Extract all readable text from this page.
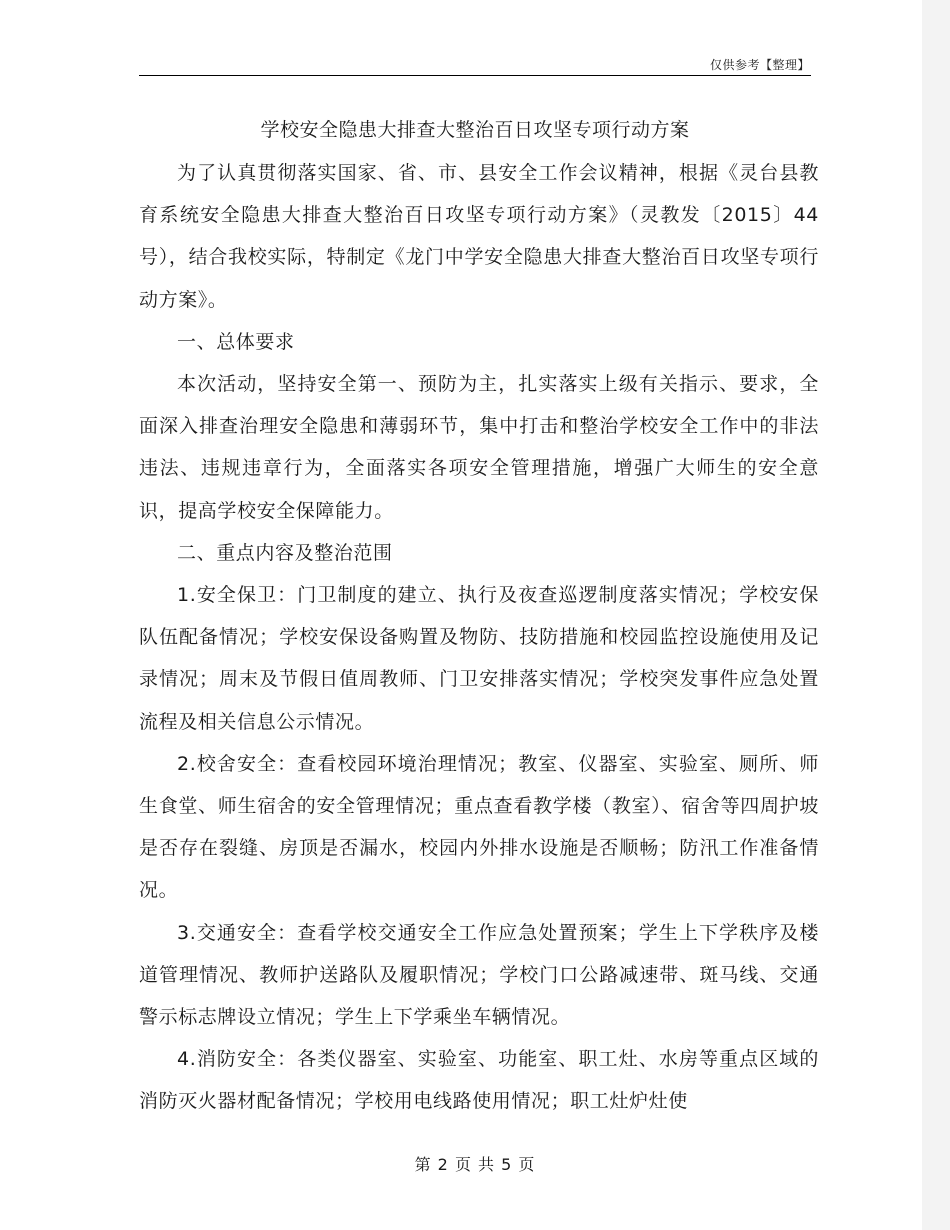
仅供参考【整理】
学校安全隐患大排查大整治百日攻坚专项行动方案

为了认真贯彻落实国家、省、市、县安全工作会议精神，根据《灵台县教育系统安全隐患大排查大整治百日攻坚专项行动方案》（灵教发〔2015〕44号），结合我校实际，特制定《龙门中学安全隐患大排查大整治百日攻坚专项行动方案》。

一、总体要求

本次活动，坚持安全第一、预防为主，扎实落实上级有关指示、要求，全面深入排查治理安全隐患和薄弱环节，集中打击和整治学校安全工作中的非法违法、违规违章行为，全面落实各项安全管理措施，增强广大师生的安全意识，提高学校安全保障能力。

二、重点内容及整治范围

1.安全保卫：门卫制度的建立、执行及夜查巡逻制度落实情况；学校安保队伍配备情况；学校安保设备购置及物防、技防措施和校园监控设施使用及记录情况；周末及节假日值周教师、门卫安排落实情况；学校突发事件应急处置流程及相关信息公示情况。

2.校舍安全：查看校园环境治理情况；教室、仪器室、实验室、厕所、师生食堂、师生宿舍的安全管理情况；重点查看教学楼（教室）、宿舍等四周护坡是否存在裂缝、房顶是否漏水，校园内外排水设施是否顺畅；防汛工作准备情况。

3.交通安全：查看学校交通安全工作应急处置预案；学生上下学秩序及楼道管理情况、教师护送路队及履职情况；学校门口公路减速带、斑马线、交通警示标志牌设立情况；学生上下学乘坐车辆情况。

4.消防安全：各类仪器室、实验室、功能室、职工灶、水房等重点区域的消防灭火器材配备情况；学校用电线路使用情况；职工灶炉灶使

第 2 页 共 5 页
